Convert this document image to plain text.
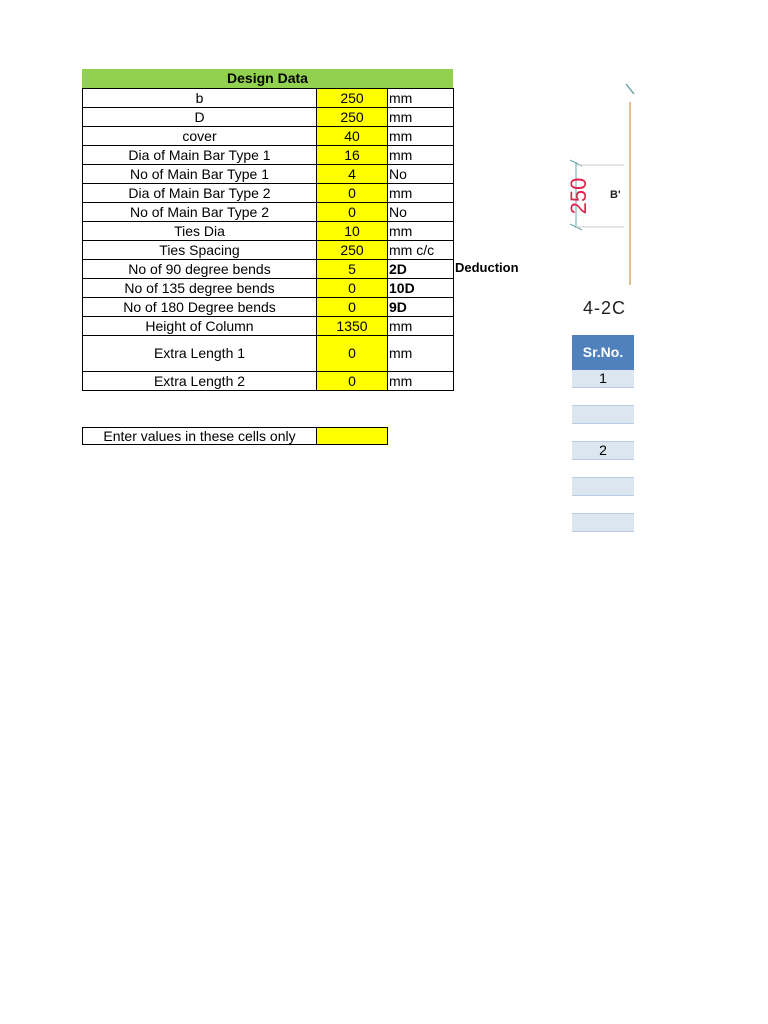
Design Data
b	250	mm
D	250	mm
cover	40	mm
Dia of Main Bar Type 1	16	mm
No of Main Bar Type 1	4	No
Dia of Main Bar Type 2	0	mm
No of Main Bar Type 2	0	No
Ties Dia	10	mm
Ties Spacing	250	mm c/c
No of 90 degree bends	5	2D
No of 135 degree bends	0	10D
No of 180 Degree bends	0	9D
Height of Column	1350	mm
Extra Length 1	0	mm
Extra Length 2	0	mm
Deduction
Enter values in these cells only
250 B'
4-2C
Sr.No.
1
2
